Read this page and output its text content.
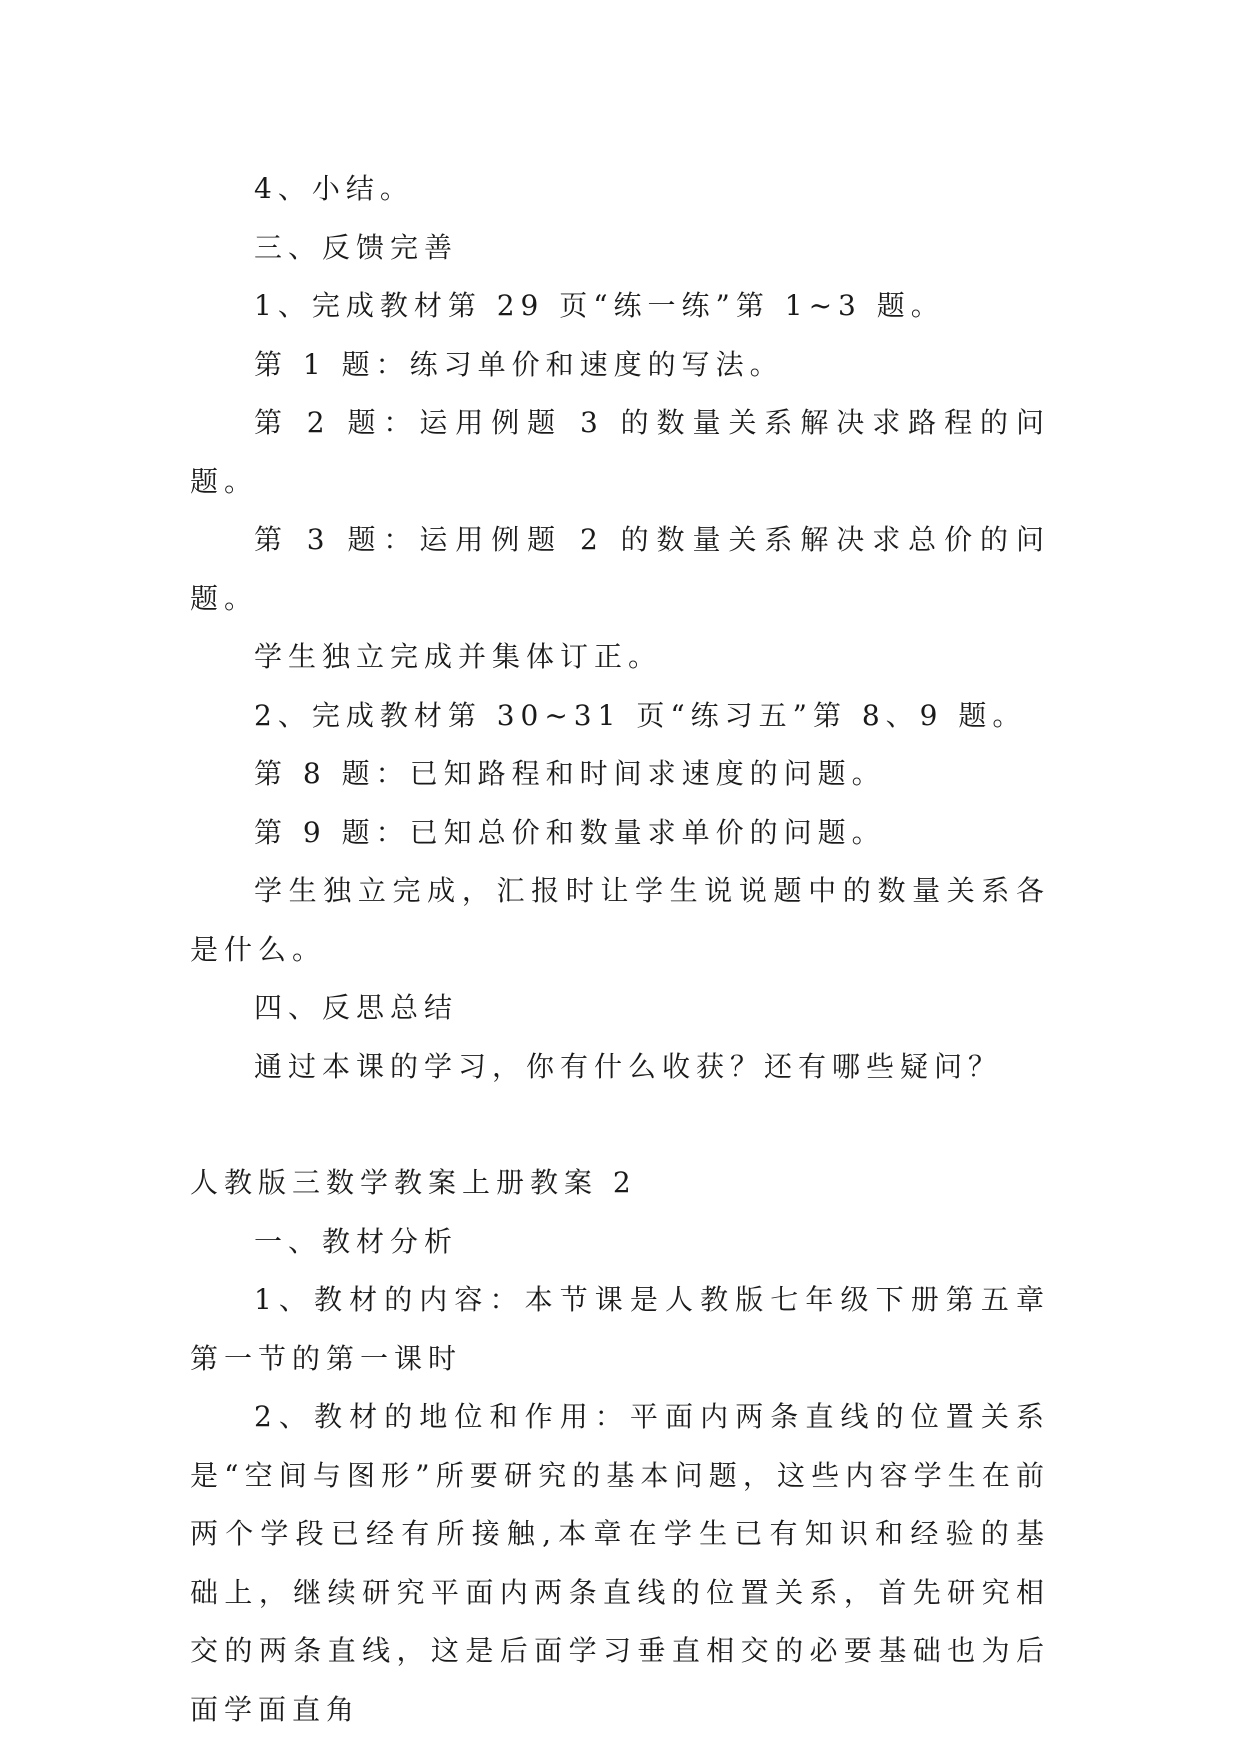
4、小结。

三、反馈完善

1、完成教材第 29 页“练一练”第 1~3 题。

第 1 题：练习单价和速度的写法。

第 2 题：运用例题 3 的数量关系解决求路程的问题。

第 3 题：运用例题 2 的数量关系解决求总价的问题。

学生独立完成并集体订正。

2、完成教材第 30~31 页“练习五”第 8、9 题。

第 8 题：已知路程和时间求速度的问题。

第 9 题：已知总价和数量求单价的问题。

学生独立完成，汇报时让学生说说题中的数量关系各是什么。

四、反思总结

通过本课的学习，你有什么收获？还有哪些疑问？

人教版三数学教案上册教案 2

一、教材分析

1、教材的内容：本节课是人教版七年级下册第五章第一节的第一课时

2、教材的地位和作用：平面内两条直线的位置关系是“空间与图形”所要研究的基本问题，这些内容学生在前两个学段已经有所接触,本章在学生已有知识和经验的基础上，继续研究平面内两条直线的位置关系，首先研究相交的两条直线，这是后面学习垂直相交的必要基础也为后面学面直角
